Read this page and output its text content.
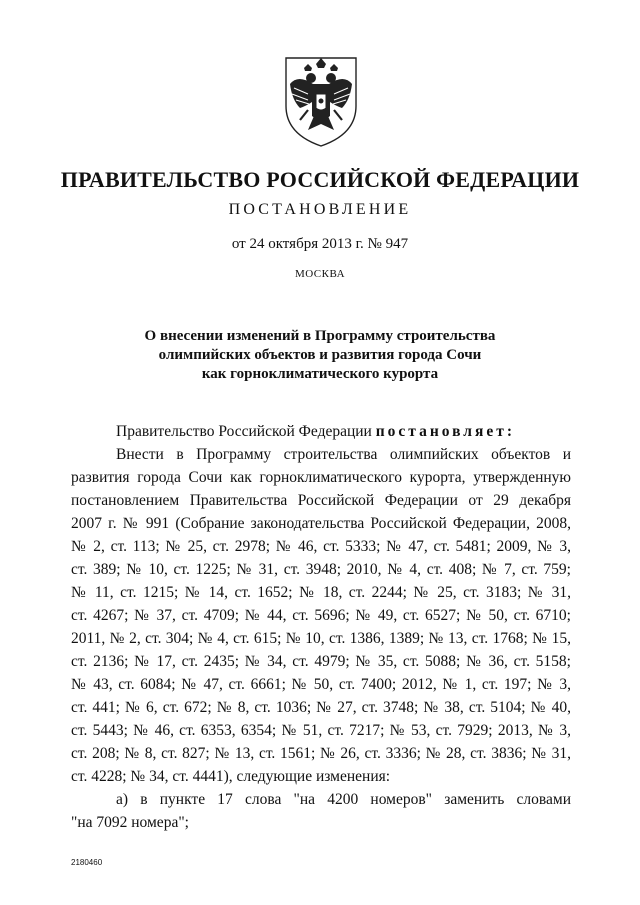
ПРАВИТЕЛЬСТВО РОССИЙСКОЙ ФЕДЕРАЦИИ
ПОСТАНОВЛЕНИЕ
от 24 октября 2013 г. № 947
МОСКВА
О внесении изменений в Программу строительства
олимпийских объектов и развития города Сочи
как горноклиматического курорта

Правительство Российской Федерации постановляет:

Внести в Программу строительства олимпийских объектов и

развития города Сочи как горноклиматического курорта, утвержденную

постановлением Правительства Российской Федерации от 29 декабря

2007 г. № 991 (Собрание законодательства Российской Федерации, 2008,

№ 2, ст. 113; № 25, ст. 2978; № 46, ст. 5333; № 47, ст. 5481; 2009, № 3,

ст. 389; № 10, ст. 1225; № 31, ст. 3948; 2010, № 4, ст. 408; № 7, ст. 759;

№ 11, ст. 1215; № 14, ст. 1652; № 18, ст. 2244; № 25, ст. 3183; № 31,

ст. 4267; № 37, ст. 4709; № 44, ст. 5696; № 49, ст. 6527; № 50, ст. 6710;

2011, № 2, ст. 304; № 4, ст. 615; № 10, ст. 1386, 1389; № 13, ст. 1768; № 15,

ст. 2136; № 17, ст. 2435; № 34, ст. 4979; № 35, ст. 5088; № 36, ст. 5158;

№ 43, ст. 6084; № 47, ст. 6661; № 50, ст. 7400; 2012, № 1, ст. 197; № 3,

ст. 441; № 6, ст. 672; № 8, ст. 1036; № 27, ст. 3748; № 38, ст. 5104; № 40,

ст. 5443; № 46, ст. 6353, 6354; № 51, ст. 7217; № 53, ст. 7929; 2013, № 3,

ст. 208; № 8, ст. 827; № 13, ст. 1561; № 26, ст. 3336; № 28, ст. 3836; № 31,

ст. 4228; № 34, ст. 4441), следующие изменения:

а) в пункте 17 слова "на 4200 номеров" заменить словами

"на 7092 номера";

2180460
